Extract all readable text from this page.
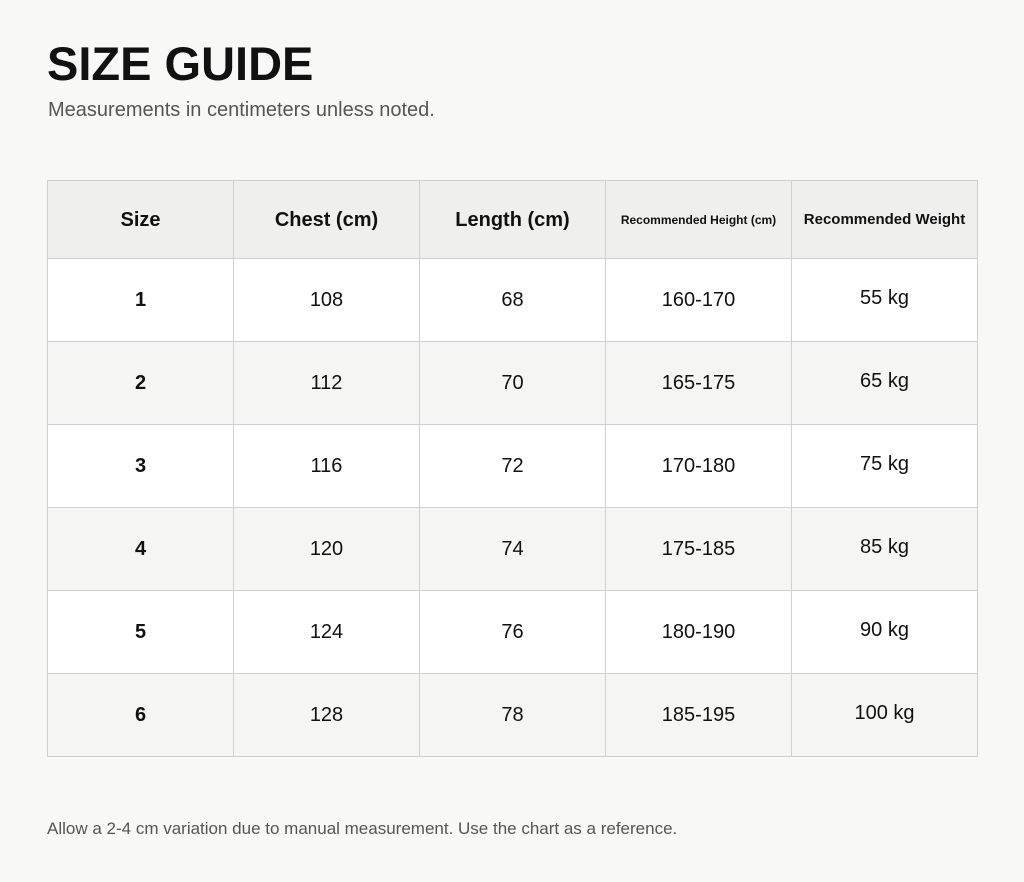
SIZE GUIDE

Measurements in centimeters unless noted.

Size	Chest (cm)	Length (cm)	Recommended Height (cm)	Recommended Weight
1	108	68	160-170	55 kg
2	112	70	165-175	65 kg
3	116	72	170-180	75 kg
4	120	74	175-185	85 kg
5	124	76	180-190	90 kg
6	128	78	185-195	100 kg

Allow a 2-4 cm variation due to manual measurement. Use the chart as a reference.
